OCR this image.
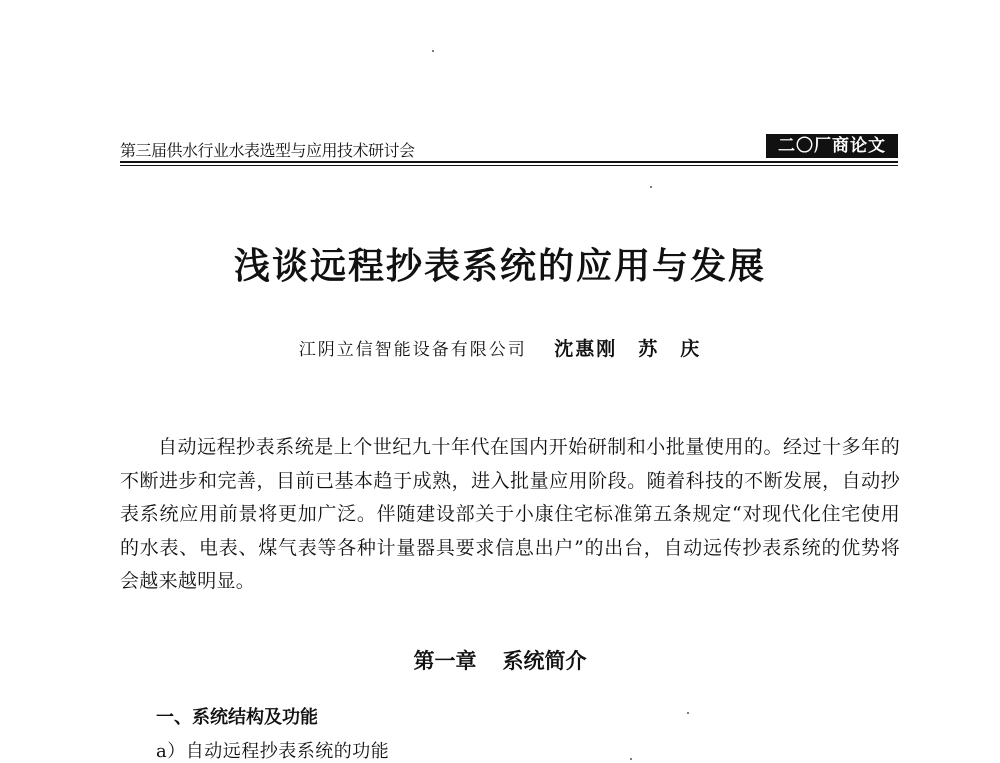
第三届供水行业水表选型与应用技术研讨会	二〇厂商论文
浅谈远程抄表系统的应用与发展
江阴立信智能设备有限公司 沈惠刚　苏　庆
自动远程抄表系统是上个世纪九十年代在国内开始研制和小批量使用的。经过十多年的不断进步和完善，目前已基本趋于成熟，进入批量应用阶段。随着科技的不断发展，自动抄表系统应用前景将更加广泛。伴随建设部关于小康住宅标准第五条规定“对现代化住宅使用的水表、电表、煤气表等各种计量器具要求信息出户”的出台，自动远传抄表系统的优势将会越来越明显。
第一章 系统简介
一、系统结构及功能
a）自动远程抄表系统的功能
